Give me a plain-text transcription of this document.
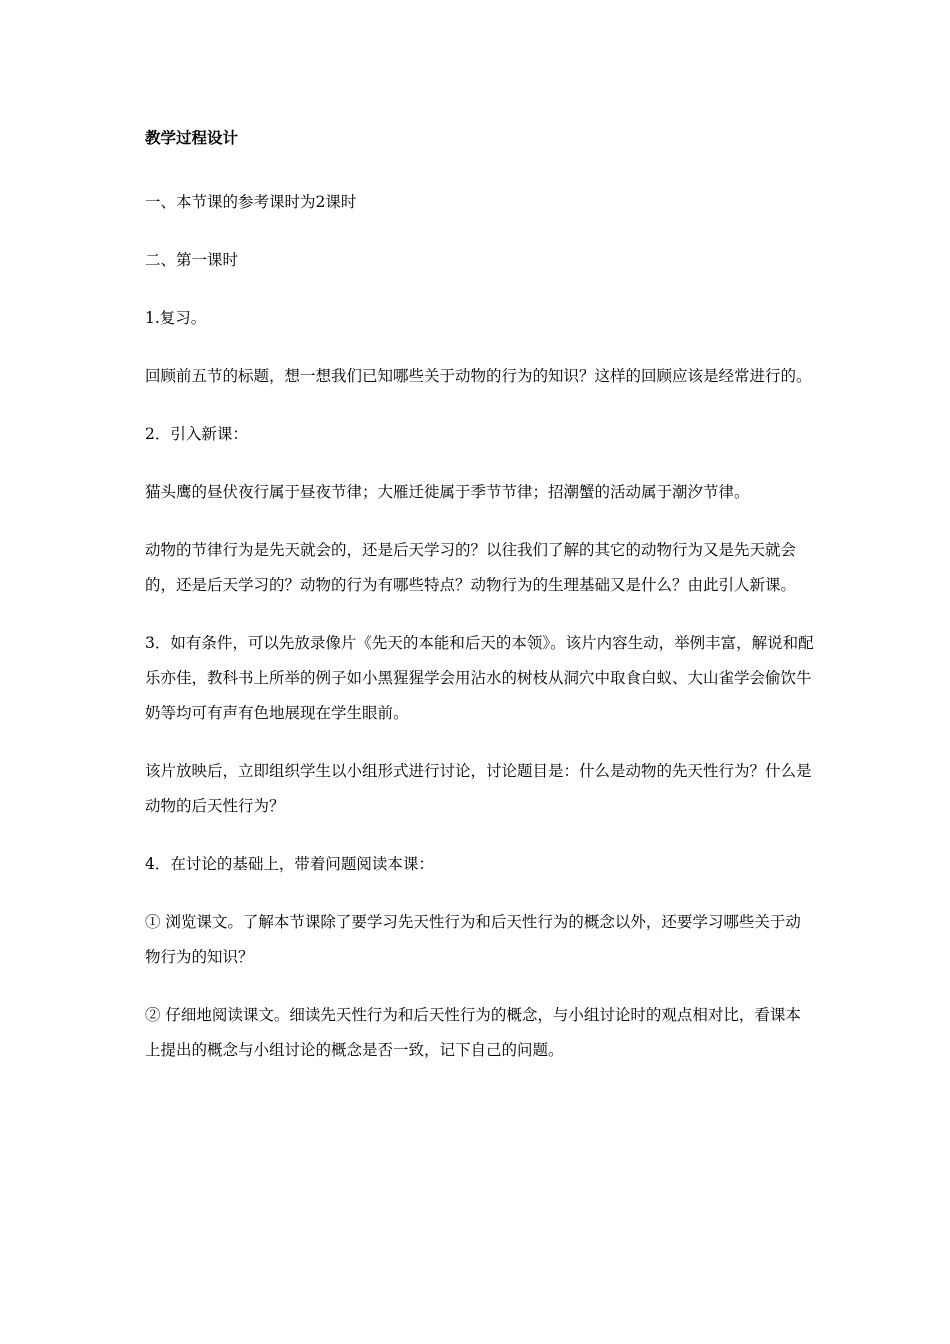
教学过程设计
一、本节课的参考课时为2课时
二、第一课时
1.复习。
回顾前五节的标题，想一想我们已知哪些关于动物的行为的知识？这样的回顾应该是经常进行的。
2．引入新课：
猫头鹰的昼伏夜行属于昼夜节律；大雁迁徙属于季节节律；招潮蟹的活动属于潮汐节律。
动物的节律行为是先天就会的，还是后天学习的？以往我们了解的其它的动物行为又是先天就会的，还是后天学习的？动物的行为有哪些特点？动物行为的生理基础又是什么？由此引人新课。
3．如有条件，可以先放录像片《先天的本能和后天的本领》。该片内容生动，举例丰富，解说和配乐亦佳，教科书上所举的例子如小黑猩猩学会用沾水的树枝从洞穴中取食白蚁、大山雀学会偷饮牛奶等均可有声有色地展现在学生眼前。
该片放映后，立即组织学生以小组形式进行讨论，讨论题目是：什么是动物的先天性行为？什么是动物的后天性行为？
4．在讨论的基础上，带着问题阅读本课：
① 浏览课文。了解本节课除了要学习先天性行为和后天性行为的概念以外，还要学习哪些关于动物行为的知识？
② 仔细地阅读课文。细读先天性行为和后天性行为的概念，与小组讨论时的观点相对比，看课本上提出的概念与小组讨论的概念是否一致，记下自己的问题。
